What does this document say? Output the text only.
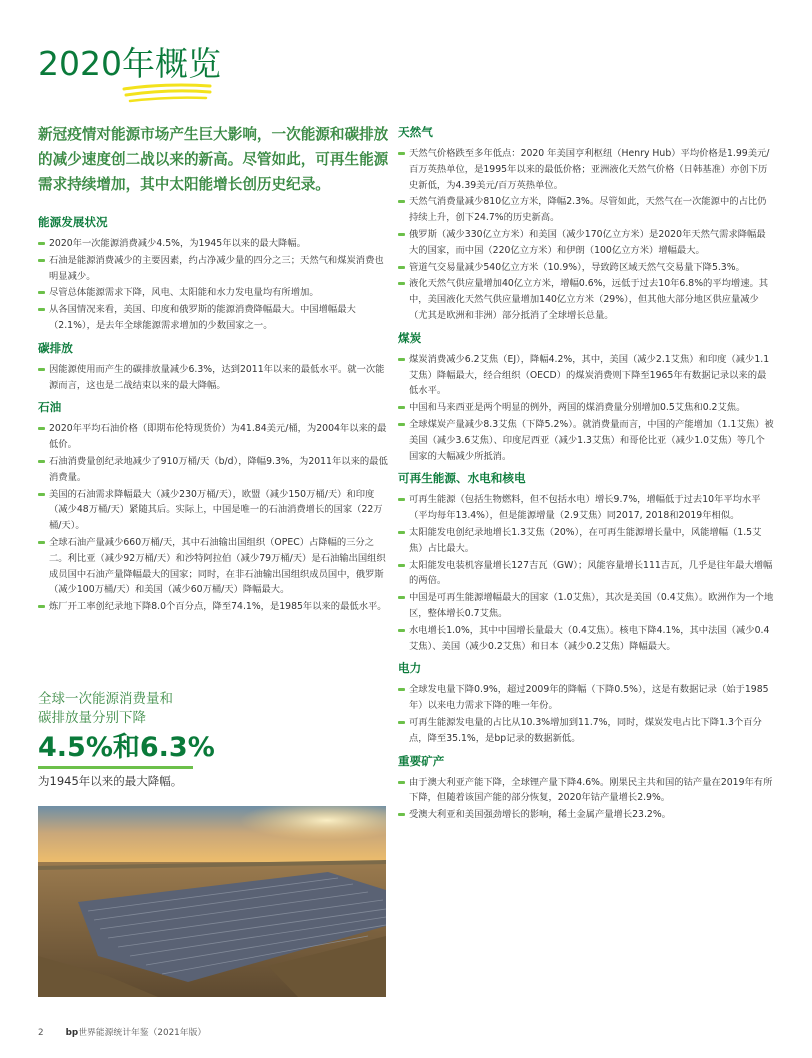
2020年概览

新冠疫情对能源市场产生巨大影响，一次能源和碳排放的减少速度创二战以来的新高。尽管如此，可再生能源需求持续增加，其中太阳能增长创历史纪录。

能源发展状况
2020年一次能源消费减少4.5%，为1945年以来的最大降幅。
石油是能源消费减少的主要因素，约占净减少量的四分之三；天然气和煤炭消费也明显减少。
尽管总体能源需求下降，风电、太阳能和水力发电量均有所增加。
从各国情况来看，美国、印度和俄罗斯的能源消费降幅最大。中国增幅最大（2.1%），是去年全球能源需求增加的少数国家之一。
碳排放
因能源使用而产生的碳排放量减少6.3%，达到2011年以来的最低水平。就一次能源而言，这也是二战结束以来的最大降幅。
石油
2020年平均石油价格（即期布伦特现货价）为41.84美元/桶，为2004年以来的最低价。
石油消费量创纪录地减少了910万桶/天（b/d），降幅9.3%，为2011年以来的最低消费量。
美国的石油需求降幅最大（减少230万桶/天），欧盟（减少150万桶/天）和印度（减少48万桶/天）紧随其后。实际上，中国是唯一的石油消费增长的国家（22万桶/天）。
全球石油产量减少660万桶/天，其中石油输出国组织（OPEC）占降幅的三分之二。利比亚（减少92万桶/天）和沙特阿拉伯（减少79万桶/天）是石油输出国组织成员国中石油产量降幅最大的国家；同时，在非石油输出国组织成员国中，俄罗斯（减少100万桶/天）和美国（减少60万桶/天）降幅最大。
炼厂开工率创纪录地下降8.0个百分点，降至74.1%，是1985年以来的最低水平。
全球一次能源消费量和
碳排放量分别下降
4.5%和6.3%
为1945年以来的最大降幅。
天然气
天然气价格跌至多年低点：2020 年美国亨利枢纽（Henry Hub）平均价格是1.99美元/百万英热单位，是1995年以来的最低价格；亚洲液化天然气价格（日韩基准）亦创下历史新低，为4.39美元/百万英热单位。
天然气消费量减少810亿立方米，降幅2.3%。尽管如此，天然气在一次能源中的占比仍持续上升，创下24.7%的历史新高。
俄罗斯（减少330亿立方米）和美国（减少170亿立方米）是2020年天然气需求降幅最大的国家，而中国（220亿立方米）和伊朗（100亿立方米）增幅最大。
管道气交易量减少540亿立方米（10.9%），导致跨区域天然气交易量下降5.3%。
液化天然气供应量增加40亿立方米，增幅0.6%，远低于过去10年6.8%的平均增速。其中，美国液化天然气供应量增加140亿立方米（29%），但其他大部分地区供应量减少（尤其是欧洲和非洲）部分抵消了全球增长总量。
煤炭
煤炭消费减少6.2艾焦（EJ），降幅4.2%，其中，美国（减少2.1艾焦）和印度（减少1.1艾焦）降幅最大，经合组织（OECD）的煤炭消费则下降至1965年有数据记录以来的最低水平。
中国和马来西亚是两个明显的例外，两国的煤消费量分别增加0.5艾焦和0.2艾焦。
全球煤炭产量减少8.3艾焦（下降5.2%）。就消费量而言，中国的产能增加（1.1艾焦）被美国（减少3.6艾焦）、印度尼西亚（减少1.3艾焦）和哥伦比亚（减少1.0艾焦）等几个国家的大幅减少所抵消。
可再生能源、水电和核电
可再生能源（包括生物燃料，但不包括水电）增长9.7%，增幅低于过去10年平均水平（平均每年13.4%），但是能源增量（2.9艾焦）同2017, 2018和2019年相似。
太阳能发电创纪录地增长1.3艾焦（20%），在可再生能源增长量中，风能增幅（1.5艾焦）占比最大。
太阳能发电装机容量增长127吉瓦（GW）；风能容量增长111吉瓦，几乎是往年最大增幅的两倍。
中国是可再生能源增幅最大的国家（1.0艾焦），其次是美国（0.4艾焦）。欧洲作为一个地区，整体增长0.7艾焦。
水电增长1.0%，其中中国增长量最大（0.4艾焦）。核电下降4.1%，其中法国（减少0.4艾焦）、美国（减少0.2艾焦）和日本（减少0.2艾焦）降幅最大。
电力
全球发电量下降0.9%，超过2009年的降幅（下降0.5%），这是有数据记录（始于1985年）以来电力需求下降的唯一年份。
可再生能源发电量的占比从10.3%增加到11.7%，同时，煤炭发电占比下降1.3个百分点，降至35.1%，是bp记录的数据新低。
重要矿产
由于澳大利亚产能下降，全球锂产量下降4.6%。刚果民主共和国的钴产量在2019年有所下降，但随着该国产能的部分恢复，2020年钴产量增长2.9%。
受澳大利亚和美国强劲增长的影响，稀土金属产量增长23.2%。
2	bp世界能源统计年鉴（2021年版）
